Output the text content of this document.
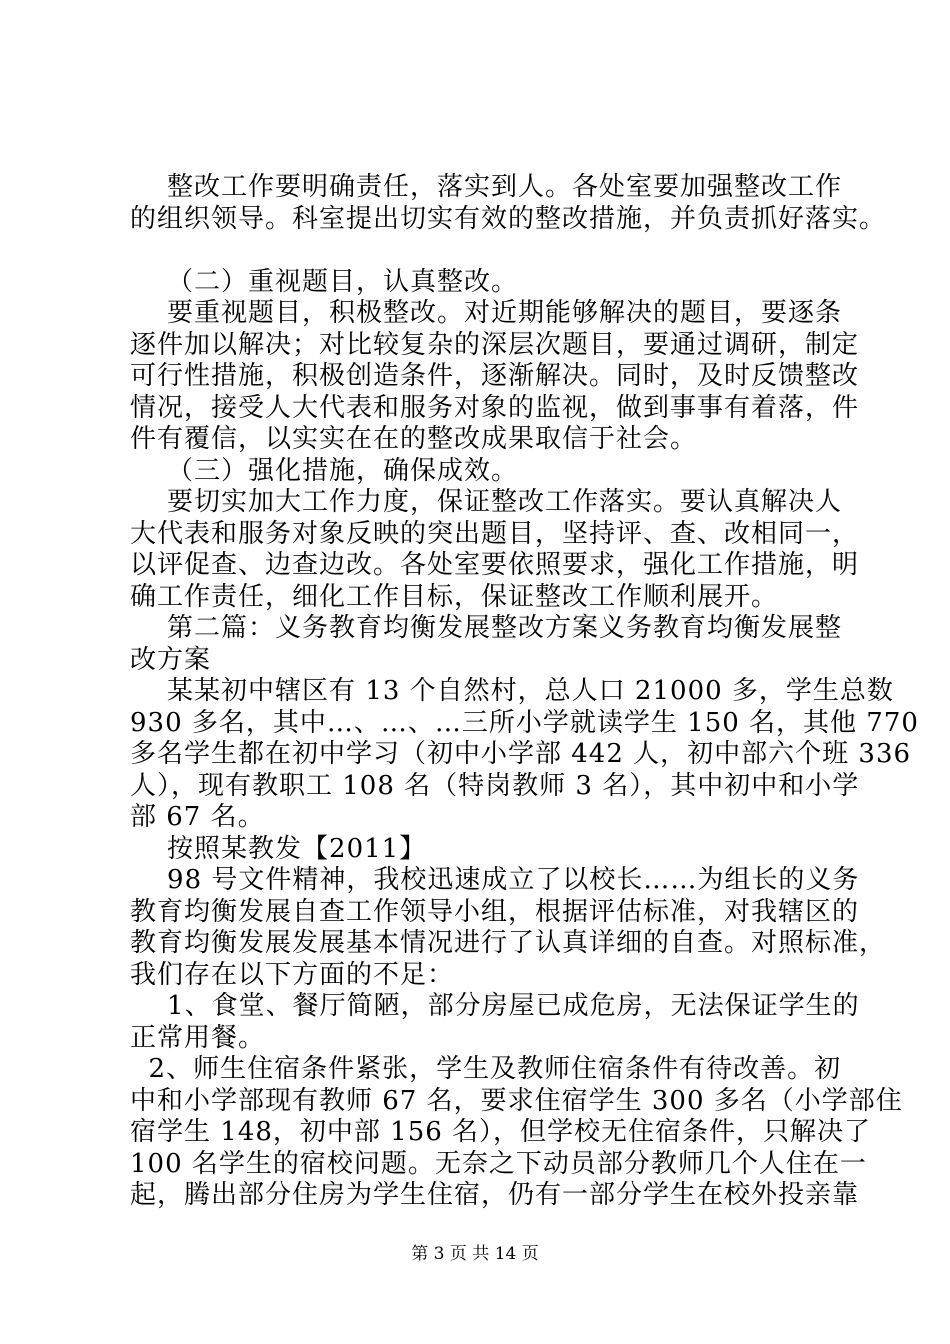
整改工作要明确责任，落实到人。各处室要加强整改工作
的组织领导。科室提出切实有效的整改措施，并负责抓好落实。
（二）重视题目，认真整改。
要重视题目，积极整改。对近期能够解决的题目，要逐条
逐件加以解决；对比较复杂的深层次题目，要通过调研，制定
可行性措施，积极创造条件，逐渐解决。同时，及时反馈整改
情况，接受人大代表和服务对象的监视，做到事事有着落，件
件有覆信，以实实在在的整改成果取信于社会。
（三）强化措施，确保成效。
要切实加大工作力度，保证整改工作落实。要认真解决人
大代表和服务对象反映的突出题目，坚持评、查、改相同一，
以评促查、边查边改。各处室要依照要求，强化工作措施，明
确工作责任，细化工作目标，保证整改工作顺利展开。
第二篇：义务教育均衡发展整改方案义务教育均衡发展整
改方案
某某初中辖区有 13 个自然村，总人口 21000 多，学生总数
930 多名，其中…、…、…三所小学就读学生 150 名，其他 770
多名学生都在初中学习（初中小学部 442 人，初中部六个班 336
人），现有教职工 108 名（特岗教师 3 名），其中初中和小学
部 67 名。
按照某教发【2011】
98 号文件精神，我校迅速成立了以校长……为组长的义务
教育均衡发展自查工作领导小组，根据评估标准，对我辖区的
教育均衡发展发展基本情况进行了认真详细的自查。对照标准，
我们存在以下方面的不足：
1、食堂、餐厅简陋，部分房屋已成危房，无法保证学生的
正常用餐。
2、师生住宿条件紧张，学生及教师住宿条件有待改善。初
中和小学部现有教师 67 名，要求住宿学生 300 多名（小学部住
宿学生 148，初中部 156 名），但学校无住宿条件，只解决了
100 名学生的宿校问题。无奈之下动员部分教师几个人住在一
起，腾出部分住房为学生住宿，仍有一部分学生在校外投亲靠
第 3 页 共 14 页
